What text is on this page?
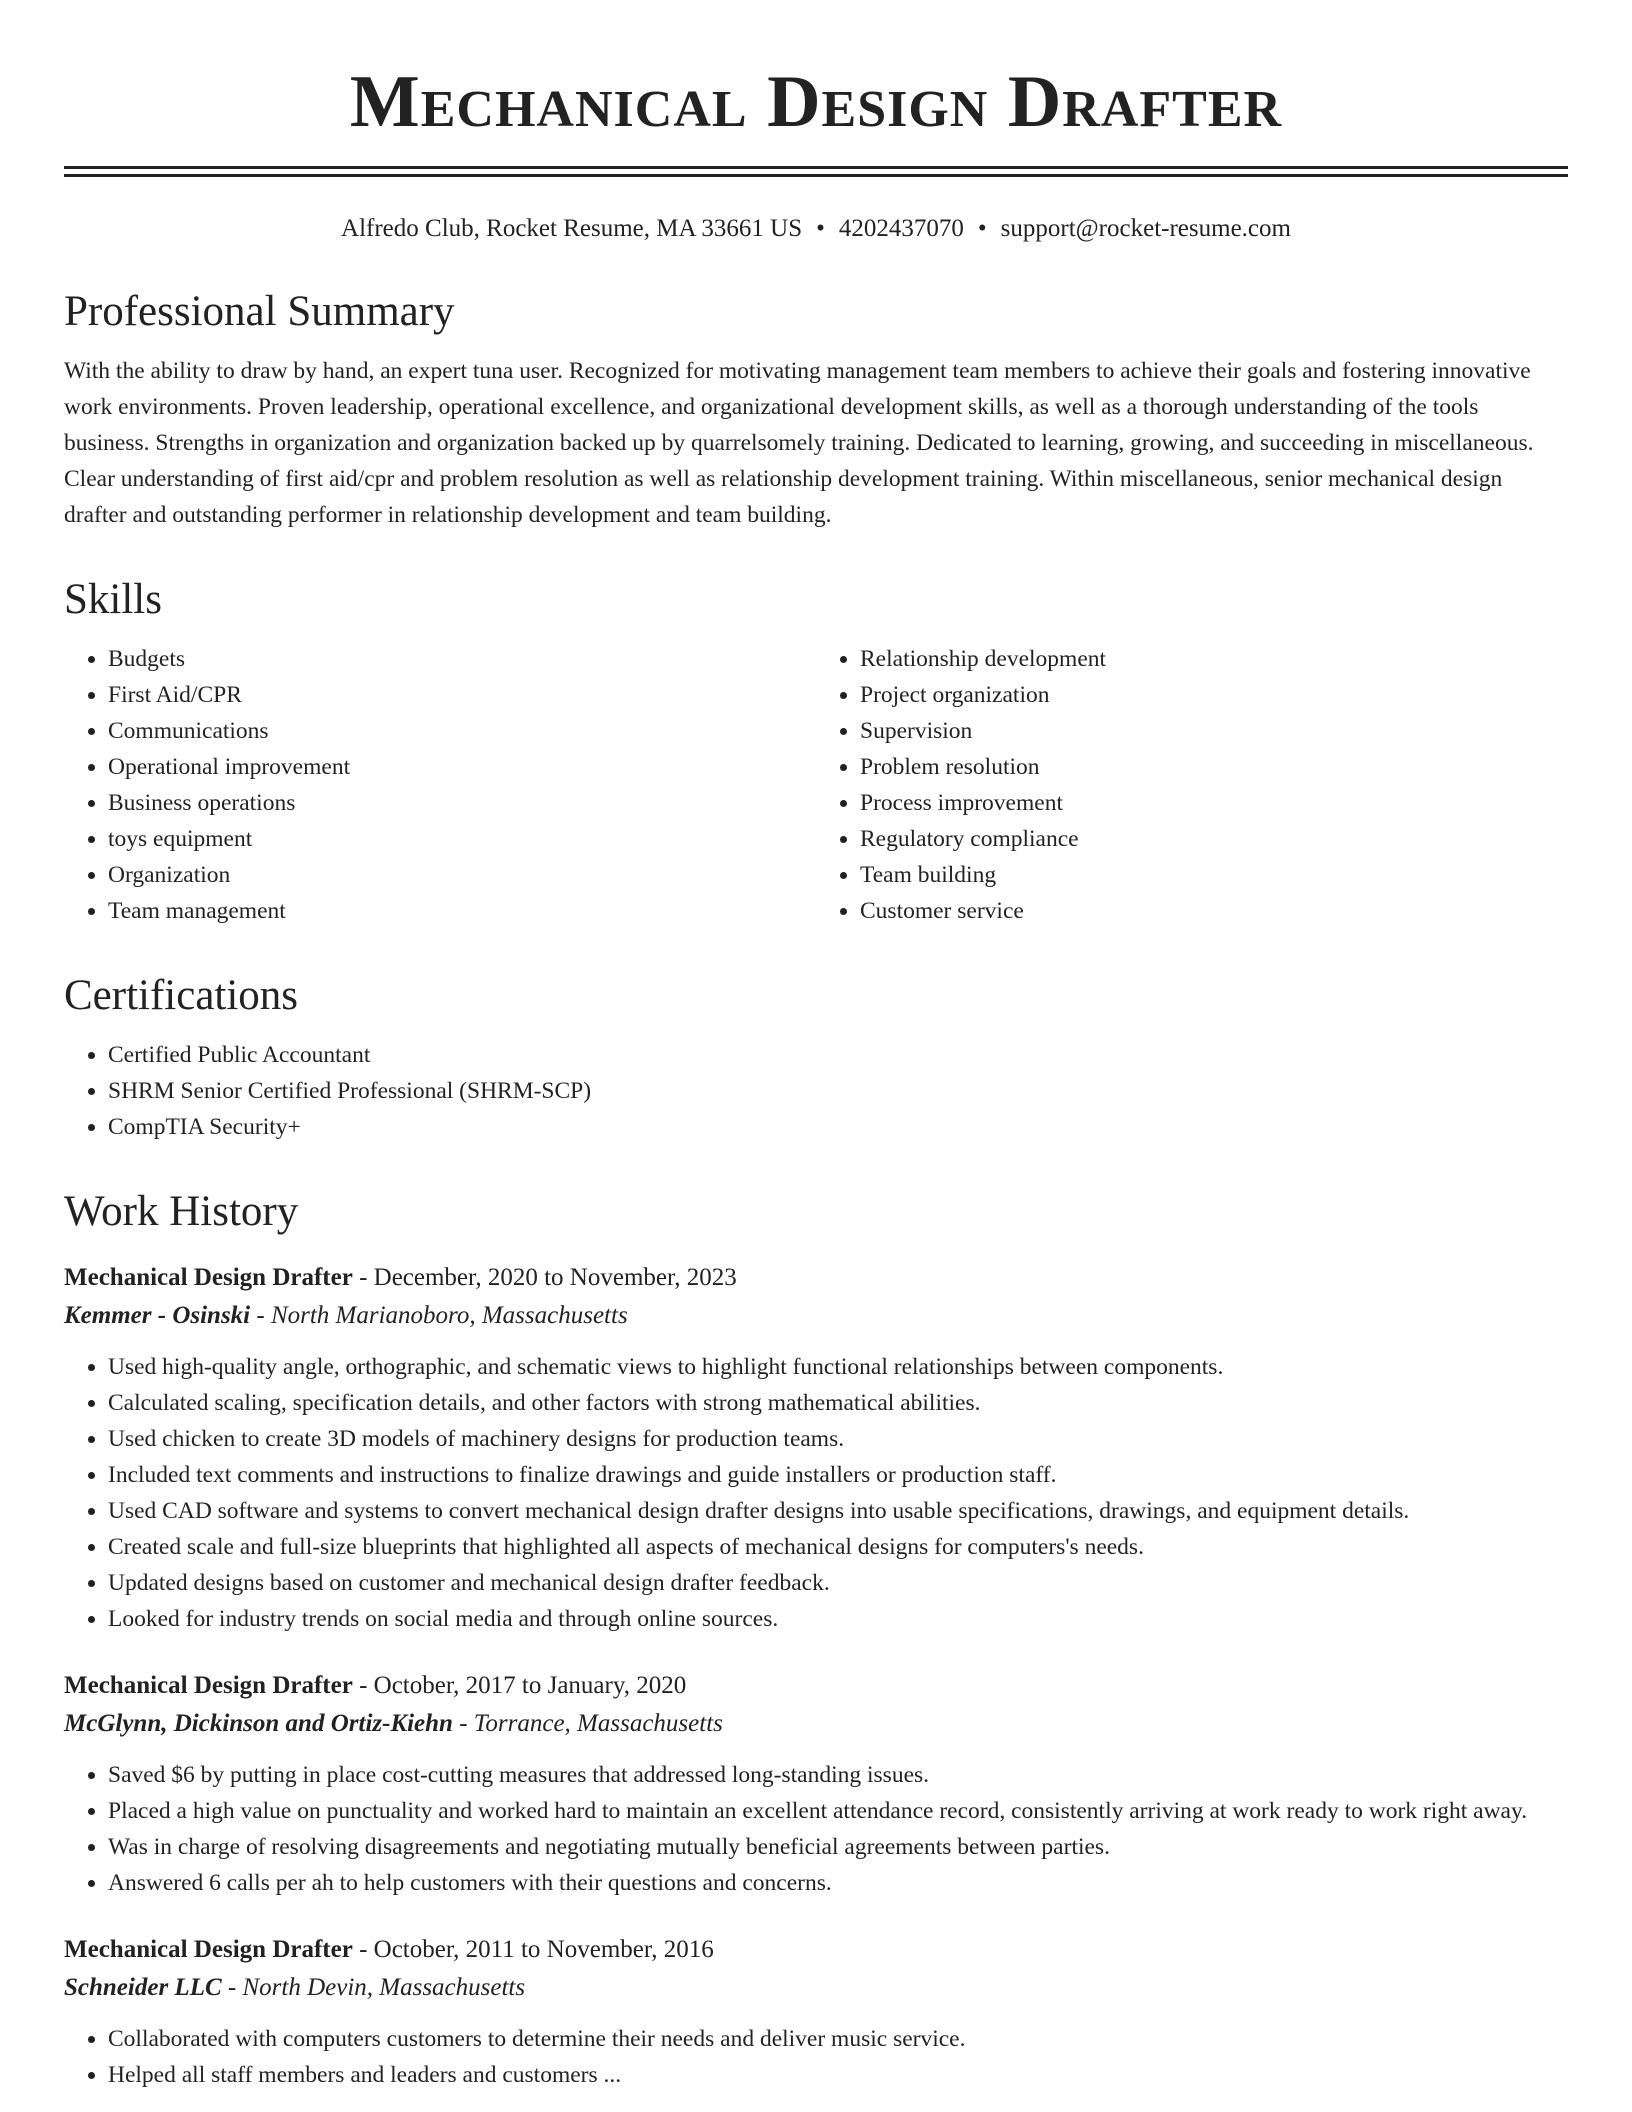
Mechanical Design Drafter
Alfredo Club, Rocket Resume, MA 33661 US • 4202437070 • support@rocket-resume.com
Professional Summary

With the ability to draw by hand, an expert tuna user. Recognized for motivating management team members to achieve their goals and fostering innovative work environments. Proven leadership, operational excellence, and organizational development skills, as well as a thorough understanding of the tools business. Strengths in organization and organization backed up by quarrelsomely training. Dedicated to learning, growing, and succeeding in miscellaneous. Clear understanding of first aid/cpr and problem resolution as well as relationship development training. Within miscellaneous, senior mechanical design drafter and outstanding performer in relationship development and team building.

Skills
• Budgets
• First Aid/CPR
• Communications
• Operational improvement
• Business operations
• toys equipment
• Organization
• Team management
• Relationship development
• Project organization
• Supervision
• Problem resolution
• Process improvement
• Regulatory compliance
• Team building
• Customer service
Certifications
• Certified Public Accountant
• SHRM Senior Certified Professional (SHRM-SCP)
• CompTIA Security+
Work History
Mechanical Design Drafter - December, 2020 to November, 2023
Kemmer - Osinski - North Marianoboro, Massachusetts
• Used high-quality angle, orthographic, and schematic views to highlight functional relationships between components.
• Calculated scaling, specification details, and other factors with strong mathematical abilities.
• Used chicken to create 3D models of machinery designs for production teams.
• Included text comments and instructions to finalize drawings and guide installers or production staff.
• Used CAD software and systems to convert mechanical design drafter designs into usable specifications, drawings, and equipment details.
• Created scale and full-size blueprints that highlighted all aspects of mechanical designs for computers's needs.
• Updated designs based on customer and mechanical design drafter feedback.
• Looked for industry trends on social media and through online sources.
Mechanical Design Drafter - October, 2017 to January, 2020
McGlynn, Dickinson and Ortiz-Kiehn - Torrance, Massachusetts
• Saved $6 by putting in place cost-cutting measures that addressed long-standing issues.
• Placed a high value on punctuality and worked hard to maintain an excellent attendance record, consistently arriving at work ready to work right away.
• Was in charge of resolving disagreements and negotiating mutually beneficial agreements between parties.
• Answered 6 calls per ah to help customers with their questions and concerns.
Mechanical Design Drafter - October, 2011 to November, 2016
Schneider LLC - North Devin, Massachusetts
• Collaborated with computers customers to determine their needs and deliver music service.
• Helped all staff members and leaders and customers ...
